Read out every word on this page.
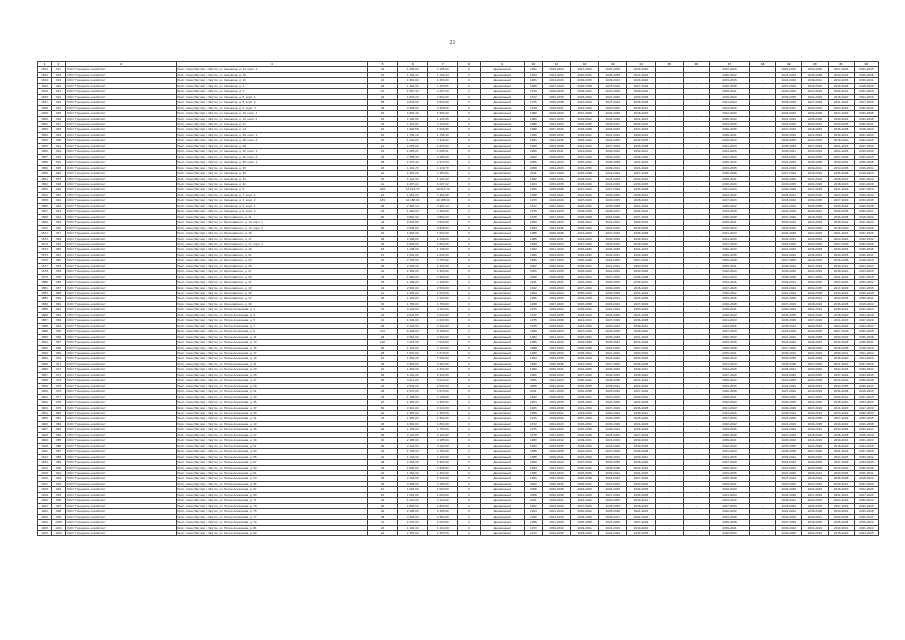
21
1	2	3	4	5	6	7	8	9	10	11	12	13	14	15	16	17	18	19	20	21	22
1541	917	ООО "Городское хозяйство"	Респ. Саха (Якутия) г. Якутск, ул. Кальвица, д. 14, корп. 1	24	1 185,90	1 185,90	0	Деревянный	1962	2018-2020	2027-2029	2033-2035	2018-2020	-	-	2027-2029	-	2018-2020	2033-2035	2027-2029	2033-2035
1542	918	ООО "Городское хозяйство"	Респ. Саха (Якутия) г. Якутск, ул. Кальвица, д. 16	16	1 106,44	1 106,44	0	Деревянный	1964	2021-2023	2030-2032	2036-2038	2021-2023	-	-	2030-2032	-	2021-2023	2036-2038	2030-2032	2036-2038
1543	919	ООО "Городское хозяйство"	Респ. Саха (Якутия) г. Якутск, ул. Кальвица, д. 19	24	1 354,00	1 354,00	0	Деревянный	1966	2024-2026	2033-2035	2039-2041	2024-2026	-	-	2033-2035	-	2024-2026	2039-2041	2033-2035	2039-2041
1544	920	ООО "Городское хозяйство"	Респ. Саха (Якутия) г. Якутск, ул. Кальвица, д. 4	26	1 184,06	1 184,06	0	Деревянный	1968	2027-2029	2036-2038	2018-2020	2027-2029	-	-	2036-2038	-	2027-2029	2018-2020	2036-2038	2018-2020
1545	921	ООО "Городское хозяйство"	Респ. Саха (Якутия) г. Якутск, ул. Кальвица, д. 7	16	1 057,43	1 057,43	0	Деревянный	1970	2030-2032	2039-2041	2021-2023	2030-2032	-	-	2039-2041	-	2030-2032	2021-2023	2039-2041	2021-2023
1546	922	ООО "Городское хозяйство"	Респ. Саха (Якутия) г. Якутск, ул. Кальвица, д. 8, корп. 1	33	1 843,20	1 843,20	0	Деревянный	1972	2033-2035	2018-2020	2024-2026	2033-2035	-	-	2018-2020	-	2033-2035	2024-2026	2018-2020	2024-2026
1547	923	ООО "Городское хозяйство"	Респ. Саха (Якутия) г. Якутск, ул. Кальвица, д. 8, корп. 2	58	2 843,00	2 843,00	0	Деревянный	1975	2036-2038	2021-2023	2027-2029	2036-2038	-	-	2021-2023	-	2036-2038	2027-2029	2021-2023	2027-2029
1548	924	ООО "Городское хозяйство"	Респ. Саха (Якутия) г. Якутск, ул. Кальвица, д. 6, корп. 3	48	2 398,66	2 398,66	0	Деревянный	1978	2039-2041	2024-2026	2030-2032	2039-2041	-	-	2024-2026	-	2039-2041	2030-2032	2024-2026	2030-2032
1549	925	ООО "Городское хозяйство"	Респ. Саха (Якутия) г. Якутск, ул. Кальвица, д. 10, корп. 1	33	1 960,43	1 960,43	0	Деревянный	1980	2018-2020	2027-2029	2033-2035	2018-2020	-	-	2027-2029	-	2018-2020	2033-2035	2027-2029	2033-2035
1550	926	ООО "Городское хозяйство"	Респ. Саха (Якутия) г. Якутск, ул. Кальвица, д. 10, корп. 2	24	1 106,65	1 106,65	0	Деревянный	1983	2021-2023	2030-2032	2036-2038	2021-2023	-	-	2030-2032	-	2021-2023	2036-2038	2030-2032	2036-2038
1551	927	ООО "Городское хозяйство"	Респ. Саха (Якутия) г. Якутск, ул. Кальвица, д. 12	24	1 110,00	1 110,00	0	Деревянный	1985	2024-2026	2033-2035	2039-2041	2024-2026	-	-	2033-2035	-	2024-2026	2039-2041	2033-2035	2039-2041
1552	928	ООО "Городское хозяйство"	Респ. Саха (Якутия) г. Якутск, ул. Кальвица, д. 14	16	1 006,55	1 006,55	0	Деревянный	1988	2027-2029	2036-2038	2018-2020	2027-2029	-	-	2036-2038	-	2027-2029	2018-2020	2036-2038	2018-2020
1553	929	ООО "Городское хозяйство"	Респ. Саха (Якутия) г. Якутск, ул. Кальвица, д. 28, корп. 1	32	1 766,10	1 766,10	0	Деревянный	1990	2030-2032	2039-2041	2021-2023	2030-2032	-	-	2039-2041	-	2030-2032	2021-2023	2039-2041	2021-2023
1554	930	ООО "Городское хозяйство"	Респ. Саха (Якутия) г. Якутск, ул. Кальвица, д. 28, корп. 2	10	1 340,20	1 340,20	0	Деревянный	1993	2033-2035	2018-2020	2024-2026	2033-2035	-	-	2018-2020	-	2033-2035	2024-2026	2018-2020	2024-2026
1555	931	ООО "Городское хозяйство"	Респ. Саха (Якутия) г. Якутск, ул. Кальвица, д. 28	12	1 054,00	1 054,00	0	Деревянный	1996	2036-2038	2021-2023	2027-2029	2036-2038	-	-	2021-2023	-	2036-2038	2027-2029	2021-2023	2027-2029
1556	932	ООО "Городское хозяйство"	Респ. Саха (Якутия) г. Якутск, ул. Кальвица, д. 26, корп. 1	24	1 095,21	1 095,21	0	Деревянный	1999	2039-2041	2024-2026	2030-2032	2039-2041	-	-	2024-2026	-	2039-2041	2030-2032	2024-2026	2030-2032
1557	933	ООО "Городское хозяйство"	Респ. Саха (Якутия) г. Якутск, ул. Кальвица, д. 26, корп. 2	40	2 185,30	2 185,30	0	Деревянный	2002	2018-2020	2027-2029	2033-2035	2018-2020	-	-	2027-2029	-	2018-2020	2033-2035	2027-2029	2033-2035
1558	934	ООО "Городское хозяйство"	Респ. Саха (Якутия) г. Якутск, ул. Кальвица, д. 30, корп. 1	28	1 570,44	1 570,44	0	Деревянный	2005	2021-2023	2030-2032	2036-2038	2021-2023	-	-	2030-2032	-	2021-2023	2036-2038	2030-2032	2036-2038
1559	935	ООО "Городское хозяйство"	Респ. Саха (Якутия) г. Якутск, ул. Кальвица, д. 36	18	1 119,70	1 119,70	0	Деревянный	2008	2024-2026	2033-2035	2039-2041	2024-2026	-	-	2033-2035	-	2024-2026	2039-2041	2033-2035	2039-2041
1560	936	ООО "Городское хозяйство"	Респ. Саха (Якутия) г. Якутск, ул. Кальвица, д. 38	24	1 354,00	1 354,00	0	Деревянный	2011	2027-2029	2036-2038	2018-2020	2027-2029	-	-	2036-2038	-	2027-2029	2018-2020	2036-2038	2018-2020
1561	937	ООО "Городское хозяйство"	Респ. Саха (Якутия) г. Якутск, ул. Кальвица, д. 40	20	1 104,30	1 104,30	0	Деревянный	1962	2030-2032	2039-2041	2021-2023	2030-2032	-	-	2039-2041	-	2030-2032	2021-2023	2039-2041	2021-2023
1562	938	ООО "Городское хозяйство"	Респ. Саха (Якутия) г. Якутск, ул. Кальвица, д. 42	12	1 007,22	1 007,22	0	Деревянный	1964	2033-2035	2018-2020	2024-2026	2033-2035	-	-	2018-2020	-	2033-2035	2024-2026	2018-2020	2024-2026
1563	939	ООО "Городское хозяйство"	Респ. Саха (Якутия) г. Якутск, ул. Кальвица, д. 6	284	16 014,70	16 014,70	0	Деревянный	1966	2036-2038	2021-2023	2027-2029	2036-2038	-	-	2021-2023	-	2036-2038	2027-2029	2021-2023	2027-2029
1564	940	ООО "Городское хозяйство"	Респ. Саха (Якутия) г. Якутск, ул. Кальвица, д. 7, корп. 1	24	1 354,00	1 354,00	0	Деревянный	1968	2039-2041	2024-2026	2030-2032	2039-2041	-	-	2024-2026	-	2039-2041	2030-2032	2024-2026	2030-2032
1565	941	ООО "Городское хозяйство"	Респ. Саха (Якутия) г. Якутск, ул. Кальвица, д. 7, корп. 2	183	10 188,00	10 188,00	0	Деревянный	1970	2018-2020	2027-2029	2033-2035	2018-2020	-	-	2027-2029	-	2018-2020	2033-2035	2027-2029	2033-2035
1566	942	ООО "Городское хозяйство"	Респ. Саха (Якутия) г. Якутск, ул. Кальвица, д. 9, корп. 1	48	2 364,14	2 364,14	0	Деревянный	1972	2021-2023	2030-2032	2036-2038	2021-2023	-	-	2030-2032	-	2021-2023	2036-2038	2030-2032	2036-2038
1567	943	ООО "Городское хозяйство"	Респ. Саха (Якутия) г. Якутск, ул. Кальвица, д. 9, корп. 2	24	1 300,00	1 300,00	0	Деревянный	1975	2024-2026	2033-2035	2039-2041	2024-2026	-	-	2033-2035	-	2024-2026	2039-2041	2033-2035	2039-2041
1568	944	ООО "Городское хозяйство"	Респ. Саха (Якутия) г. Якутск, ул. Ярославского, д. 11	90	4 862,33	4 862,33	0	Деревянный	1978	2027-2029	2036-2038	2018-2020	2027-2029	-	-	2036-2038	-	2027-2029	2018-2020	2036-2038	2018-2020
1569	945	ООО "Городское хозяйство"	Респ. Саха (Якутия) г. Якутск, ул. Ярославского, д. 13, корп. 1	44	2 534,60	2 534,60	0	Деревянный	1980	2030-2032	2039-2041	2021-2023	2030-2032	-	-	2039-2041	-	2030-2032	2021-2023	2039-2041	2021-2023
1570	946	ООО "Городское хозяйство"	Респ. Саха (Якутия) г. Якутск, ул. Ярославского, д. 13, корп. 2	52	2 846,00	2 846,00	0	Деревянный	1983	2033-2035	2018-2020	2024-2026	2033-2035	-	-	2018-2020	-	2033-2035	2024-2026	2018-2020	2024-2026
1571	947	ООО "Городское хозяйство"	Респ. Саха (Якутия) г. Якутск, ул. Ярославского, д. 15	16	1 054,00	1 054,00	0	Деревянный	1985	2036-2038	2021-2023	2027-2029	2036-2038	-	-	2021-2023	-	2036-2038	2027-2029	2021-2023	2027-2029
1572	948	ООО "Городское хозяйство"	Респ. Саха (Якутия) г. Якутск, ул. Ярославского, д. 17	38	2 198,00	2 198,00	0	Деревянный	1988	2039-2041	2024-2026	2030-2032	2039-2041	-	-	2024-2026	-	2039-2041	2030-2032	2024-2026	2030-2032
1573	949	ООО "Городское хозяйство"	Респ. Саха (Якутия) г. Якутск, ул. Ярославского, д. 17, корп. 1	30	1 803,00	1 803,00	0	Деревянный	1990	2018-2020	2027-2029	2033-2035	2018-2020	-	-	2027-2029	-	2018-2020	2033-2035	2027-2029	2033-2035
1574	950	ООО "Городское хозяйство"	Респ. Саха (Якутия) г. Якутск, ул. Ярославского, д. 19	18	1 108,00	1 108,00	0	Деревянный	1993	2021-2023	2030-2032	2036-2038	2021-2023	-	-	2030-2032	-	2021-2023	2036-2038	2030-2032	2036-2038
1575	951	ООО "Городское хозяйство"	Респ. Саха (Якутия) г. Якутск, ул. Ярославского, д. 21	12	1 003,00	1 003,00	0	Деревянный	1996	2024-2026	2033-2035	2039-2041	2024-2026	-	-	2033-2035	-	2024-2026	2039-2041	2033-2035	2039-2041
1576	952	ООО "Городское хозяйство"	Респ. Саха (Якутия) г. Якутск, ул. Ярославского, д. 23	51	2 755,90	2 755,90	0	Деревянный	1999	2027-2029	2036-2038	2018-2020	2027-2029	-	-	2036-2038	-	2027-2029	2018-2020	2036-2038	2018-2020
1577	953	ООО "Городское хозяйство"	Респ. Саха (Якутия) г. Якутск, ул. Ярославского, д. 25	36	2 102,00	2 102,00	0	Деревянный	2002	2030-2032	2039-2041	2021-2023	2030-2032	-	-	2039-2041	-	2030-2032	2021-2023	2039-2041	2021-2023
1578	954	ООО "Городское хозяйство"	Респ. Саха (Якутия) г. Якутск, ул. Ярославского, д. 27	24	1 354,00	1 354,00	0	Деревянный	2005	2033-2035	2018-2020	2024-2026	2033-2035	-	-	2018-2020	-	2033-2035	2024-2026	2018-2020	2024-2026
1579	955	ООО "Городское хозяйство"	Респ. Саха (Якутия) г. Якутск, ул. Ярославского, д. 29	33	1 960,00	1 960,00	0	Деревянный	2008	2036-2038	2021-2023	2027-2029	2036-2038	-	-	2021-2023	-	2036-2038	2027-2029	2021-2023	2027-2029
1580	956	ООО "Городское хозяйство"	Респ. Саха (Якутия) г. Якутск, ул. Ярославского, д. 31	18	1 108,00	1 108,00	0	Деревянный	2011	2039-2041	2024-2026	2030-2032	2039-2041	-	-	2024-2026	-	2039-2041	2030-2032	2024-2026	2030-2032
1581	957	ООО "Городское хозяйство"	Респ. Саха (Якутия) г. Якутск, ул. Ярославского, д. 33	44	2 534,00	2 534,00	0	Деревянный	1962	2018-2020	2027-2029	2033-2035	2018-2020	-	-	2027-2029	-	2018-2020	2033-2035	2027-2029	2033-2035
1582	958	ООО "Городское хозяйство"	Респ. Саха (Якутия) г. Якутск, ул. Ярославского, д. 35	12	1 003,00	1 003,00	0	Деревянный	1964	2021-2023	2030-2032	2036-2038	2021-2023	-	-	2030-2032	-	2021-2023	2036-2038	2030-2032	2036-2038
1583	959	ООО "Городское хозяйство"	Респ. Саха (Якутия) г. Якутск, ул. Ярославского, д. 37	20	1 104,00	1 104,00	0	Деревянный	1966	2024-2026	2033-2035	2039-2041	2024-2026	-	-	2033-2035	-	2024-2026	2039-2041	2033-2035	2039-2041
1584	960	ООО "Городское хозяйство"	Респ. Саха (Якутия) г. Якутск, ул. Ярославского, д. 39	32	1 766,00	1 766,00	0	Деревянный	1968	2027-2029	2036-2038	2018-2020	2027-2029	-	-	2036-2038	-	2027-2029	2018-2020	2036-2038	2018-2020
1585	961	ООО "Городское хозяйство"	Респ. Саха (Якутия) г. Якутск, ул. Петра Алексеева, д. 1	76	4 102,00	4 102,00	0	Деревянный	1970	2030-2032	2039-2041	2021-2023	2030-2032	-	-	2039-2041	-	2030-2032	2021-2023	2039-2041	2021-2023
1586	962	ООО "Городское хозяйство"	Респ. Саха (Якутия) г. Якутск, ул. Петра Алексеева, д. 3	44	2 534,00	2 534,00	0	Деревянный	1972	2033-2035	2018-2020	2024-2026	2033-2035	-	-	2018-2020	-	2033-2035	2024-2026	2018-2020	2024-2026
1587	963	ООО "Городское хозяйство"	Респ. Саха (Якутия) г. Якутск, ул. Петра Алексеева, д. 5	12	1 003,00	1 003,00	0	Деревянный	1975	2036-2038	2021-2023	2027-2029	2036-2038	-	-	2021-2023	-	2036-2038	2027-2029	2021-2023	2027-2029
1588	964	ООО "Городское хозяйство"	Респ. Саха (Якутия) г. Якутск, ул. Петра Алексеева, д. 7	36	2 102,00	2 102,00	0	Деревянный	1978	2039-2041	2024-2026	2030-2032	2039-2041	-	-	2024-2026	-	2039-2041	2030-2032	2024-2026	2030-2032
1589	965	ООО "Городское хозяйство"	Респ. Саха (Якутия) г. Якутск, ул. Петра Алексеева, д. 9	114	6 408,00	6 408,00	0	Деревянный	1980	2018-2020	2027-2029	2033-2035	2018-2020	-	-	2027-2029	-	2018-2020	2033-2035	2027-2029	2033-2035
1590	966	ООО "Городское хозяйство"	Респ. Саха (Якутия) г. Якутск, ул. Петра Алексеева, д. 11	48	2 364,00	2 364,00	0	Деревянный	1983	2021-2023	2030-2032	2036-2038	2021-2023	-	-	2030-2032	-	2021-2023	2036-2038	2030-2032	2036-2038
1591	967	ООО "Городское хозяйство"	Респ. Саха (Якутия) г. Якутск, ул. Петра Алексеева, д. 13	130	7 015,00	7 015,00	0	Деревянный	1985	2024-2026	2033-2035	2039-2041	2024-2026	-	-	2033-2035	-	2024-2026	2039-2041	2033-2035	2039-2041
1592	968	ООО "Городское хозяйство"	Респ. Саха (Якутия) г. Якутск, ул. Петра Алексеева, д. 15	20	1 104,00	1 104,00	0	Деревянный	1988	2027-2029	2036-2038	2018-2020	2027-2029	-	-	2036-2038	-	2027-2029	2018-2020	2036-2038	2018-2020
1593	969	ООО "Городское хозяйство"	Респ. Саха (Якутия) г. Якутск, ул. Петра Алексеева, д. 17	28	1 570,00	1 570,00	0	Деревянный	1990	2030-2032	2039-2041	2021-2023	2030-2032	-	-	2039-2041	-	2030-2032	2021-2023	2039-2041	2021-2023
1594	970	ООО "Городское хозяйство"	Респ. Саха (Якутия) г. Якутск, ул. Петра Алексеева, д. 19	16	1 054,00	1 054,00	0	Деревянный	1993	2033-2035	2018-2020	2024-2026	2033-2035	-	-	2018-2020	-	2033-2035	2024-2026	2018-2020	2024-2026
1595	971	ООО "Городское хозяйство"	Респ. Саха (Якутия) г. Якутск, ул. Петра Алексеева, д. 21	48	2 364,00	2 364,00	0	Деревянный	1996	2036-2038	2021-2023	2027-2029	2036-2038	-	-	2021-2023	-	2036-2038	2027-2029	2021-2023	2027-2029
1596	972	ООО "Городское хозяйство"	Респ. Саха (Якутия) г. Якутск, ул. Петра Алексеева, д. 23	24	1 354,00	1 354,00	0	Деревянный	1999	2039-2041	2024-2026	2030-2032	2039-2041	-	-	2024-2026	-	2039-2041	2030-2032	2024-2026	2030-2032
1597	973	ООО "Городское хозяйство"	Респ. Саха (Якутия) г. Якутск, ул. Петра Алексеева, д. 25	92	5 102,00	5 102,00	0	Деревянный	2002	2018-2020	2027-2029	2033-2035	2018-2020	-	-	2027-2029	-	2018-2020	2033-2035	2027-2029	2033-2035
1598	974	ООО "Городское хозяйство"	Респ. Саха (Якутия) г. Якутск, ул. Петра Алексеева, д. 27	56	3 012,00	3 012,00	0	Деревянный	2005	2021-2023	2030-2032	2036-2038	2021-2023	-	-	2030-2032	-	2021-2023	2036-2038	2030-2032	2036-2038
1599	975	ООО "Городское хозяйство"	Респ. Саха (Якутия) г. Якутск, ул. Петра Алексеева, д. 29	44	2 534,00	2 534,00	0	Деревянный	2008	2024-2026	2033-2035	2039-2041	2024-2026	-	-	2033-2035	-	2024-2026	2039-2041	2033-2035	2039-2041
1600	976	ООО "Городское хозяйство"	Респ. Саха (Якутия) г. Якутск, ул. Петра Алексеева, д. 31	28	1 570,00	1 570,00	0	Деревянный	2011	2027-2029	2036-2038	2018-2020	2027-2029	-	-	2036-2038	-	2027-2029	2018-2020	2036-2038	2018-2020
1601	977	ООО "Городское хозяйство"	Респ. Саха (Якутия) г. Якутск, ул. Петра Алексеева, д. 33	18	1 108,00	1 108,00	0	Деревянный	1962	2030-2032	2039-2041	2021-2023	2030-2032	-	-	2039-2041	-	2030-2032	2021-2023	2039-2041	2021-2023
1602	978	ООО "Городское хозяйство"	Респ. Саха (Якутия) г. Якутск, ул. Петра Алексеева, д. 35	24	1 354,00	1 354,00	0	Деревянный	1964	2033-2035	2018-2020	2024-2026	2033-2035	-	-	2018-2020	-	2033-2035	2024-2026	2018-2020	2024-2026
1603	979	ООО "Городское хозяйство"	Респ. Саха (Якутия) г. Якутск, ул. Петра Алексеева, д. 37	60	3 410,00	3 410,00	0	Деревянный	1966	2036-2038	2021-2023	2027-2029	2036-2038	-	-	2021-2023	-	2036-2038	2027-2029	2021-2023	2027-2029
1604	980	ООО "Городское хозяйство"	Респ. Саха (Якутия) г. Якутск, ул. Петра Алексеева, д. 39	24	1 354,00	1 354,00	0	Деревянный	1968	2039-2041	2024-2026	2030-2032	2039-2041	-	-	2024-2026	-	2039-2041	2030-2032	2024-2026	2030-2032
1605	981	ООО "Городское хозяйство"	Респ. Саха (Якутия) г. Якутск, ул. Петра Алексеева, д. 41	24	1 354,00	1 354,00	0	Деревянный	1970	2018-2020	2027-2029	2033-2035	2018-2020	-	-	2027-2029	-	2018-2020	2033-2035	2027-2029	2033-2035
1606	982	ООО "Городское хозяйство"	Респ. Саха (Якутия) г. Якутск, ул. Петра Алексеева, д. 43	30	1 803,00	1 803,00	0	Деревянный	1972	2021-2023	2030-2032	2036-2038	2021-2023	-	-	2030-2032	-	2021-2023	2036-2038	2030-2032	2036-2038
1607	983	ООО "Городское хозяйство"	Респ. Саха (Якутия) г. Якутск, ул. Петра Алексеева, д. 45	32	1 766,00	1 766,00	0	Деревянный	1975	2024-2026	2033-2035	2039-2041	2024-2026	-	-	2033-2035	-	2024-2026	2039-2041	2033-2035	2039-2041
1608	984	ООО "Городское хозяйство"	Респ. Саха (Якутия) г. Якутск, ул. Петра Алексеева, д. 47	36	2 102,00	2 102,00	0	Деревянный	1978	2027-2029	2036-2038	2018-2020	2027-2029	-	-	2036-2038	-	2027-2029	2018-2020	2036-2038	2018-2020
1609	985	ООО "Городское хозяйство"	Респ. Саха (Якутия) г. Якутск, ул. Петра Алексеева, д. 49	40	2 185,00	2 185,00	0	Деревянный	1980	2030-2032	2039-2041	2021-2023	2030-2032	-	-	2039-2041	-	2030-2032	2021-2023	2039-2041	2021-2023
1610	986	ООО "Городское хозяйство"	Респ. Саха (Якутия) г. Якутск, ул. Петра Алексеева, д. 51	36	2 102,00	2 102,00	0	Деревянный	1983	2033-2035	2018-2020	2024-2026	2033-2035	-	-	2018-2020	-	2033-2035	2024-2026	2018-2020	2024-2026
1611	987	ООО "Городское хозяйство"	Респ. Саха (Якутия) г. Якутск, ул. Петра Алексеева, д. 53	32	1 766,00	1 766,00	0	Деревянный	1985	2036-2038	2021-2023	2027-2029	2036-2038	-	-	2021-2023	-	2036-2038	2027-2029	2021-2023	2027-2029
1612	988	ООО "Городское хозяйство"	Респ. Саха (Якутия) г. Якутск, ул. Петра Алексеева, д. 55	20	1 104,00	1 104,00	0	Деревянный	1988	2039-2041	2024-2026	2030-2032	2039-2041	-	-	2024-2026	-	2039-2041	2030-2032	2024-2026	2030-2032
1613	989	ООО "Городское хозяйство"	Респ. Саха (Якутия) г. Якутск, ул. Петра Алексеева, д. 57	48	2 364,00	2 364,00	0	Деревянный	1990	2018-2020	2027-2029	2033-2035	2018-2020	-	-	2027-2029	-	2018-2020	2033-2035	2027-2029	2033-2035
1614	990	ООО "Городское хозяйство"	Респ. Саха (Якутия) г. Якутск, ул. Петра Алексеева, д. 59	34	1 906,00	1 906,00	0	Деревянный	1993	2021-2023	2030-2032	2036-2038	2021-2023	-	-	2030-2032	-	2021-2023	2036-2038	2030-2032	2036-2038
1615	991	ООО "Городское хозяйство"	Респ. Саха (Якутия) г. Якутск, ул. Петра Алексеева, д. 61	24	1 354,00	1 354,00	0	Деревянный	1996	2024-2026	2033-2035	2039-2041	2024-2026	-	-	2033-2035	-	2024-2026	2039-2041	2033-2035	2039-2041
1616	992	ООО "Городское хозяйство"	Респ. Саха (Якутия) г. Якутск, ул. Петра Алексеева, д. 63	36	2 102,00	2 102,00	0	Деревянный	1999	2027-2029	2036-2038	2018-2020	2027-2029	-	-	2036-2038	-	2027-2029	2018-2020	2036-2038	2018-2020
1617	993	ООО "Городское хозяйство"	Респ. Саха (Якутия) г. Якутск, ул. Петра Алексеева, д. 65	40	2 185,00	2 185,00	0	Деревянный	2002	2030-2032	2039-2041	2021-2023	2030-2032	-	-	2039-2041	-	2030-2032	2021-2023	2039-2041	2021-2023
1618	994	ООО "Городское хозяйство"	Респ. Саха (Якутия) г. Якутск, ул. Петра Алексеева, д. 67	12	1 003,00	1 003,00	0	Деревянный	2005	2033-2035	2018-2020	2024-2026	2033-2035	-	-	2018-2020	-	2033-2035	2024-2026	2018-2020	2024-2026
1619	995	ООО "Городское хозяйство"	Респ. Саха (Якутия) г. Якутск, ул. Петра Алексеева, д. 69	16	1 054,00	1 054,00	0	Деревянный	2008	2036-2038	2021-2023	2027-2029	2036-2038	-	-	2021-2023	-	2036-2038	2027-2029	2021-2023	2027-2029
1620	996	ООО "Городское хозяйство"	Респ. Саха (Якутия) г. Якутск, ул. Петра Алексеева, д. 71	22	1 210,00	1 210,00	0	Деревянный	2011	2039-2041	2024-2026	2030-2032	2039-2041	-	-	2024-2026	-	2039-2041	2030-2032	2024-2026	2030-2032
1621	997	ООО "Городское хозяйство"	Респ. Саха (Якутия) г. Якутск, ул. Петра Алексеева, д. 73	30	1 803,00	1 803,00	0	Деревянный	1962	2018-2020	2027-2029	2033-2035	2018-2020	-	-	2027-2029	-	2018-2020	2033-2035	2027-2029	2033-2035
1622	998	ООО "Городское хозяйство"	Респ. Саха (Якутия) г. Якутск, ул. Петра Алексеева, д. 75	40	2 185,00	2 185,00	0	Деревянный	1964	2021-2023	2030-2032	2036-2038	2021-2023	-	-	2030-2032	-	2021-2023	2036-2038	2030-2032	2036-2038
1623	999	ООО "Городское хозяйство"	Респ. Саха (Якутия) г. Якутск, ул. Петра Алексеева, д. 77	48	2 364,00	2 364,00	0	Деревянный	1966	2024-2026	2033-2035	2039-2041	2024-2026	-	-	2033-2035	-	2024-2026	2039-2041	2033-2035	2039-2041
1624	1000	ООО "Городское хозяйство"	Респ. Саха (Якутия) г. Якутск, ул. Петра Алексеева, д. 79	12	1 003,00	1 003,00	0	Деревянный	1968	2027-2029	2036-2038	2018-2020	2027-2029	-	-	2036-2038	-	2027-2029	2018-2020	2036-2038	2018-2020
1625	1001	ООО "Городское хозяйство"	Респ. Саха (Якутия) г. Якутск, ул. Петра Алексеева, д. 81	20	1 104,00	1 104,00	0	Деревянный	1970	2030-2032	2039-2041	2021-2023	2030-2032	-	-	2039-2041	-	2030-2032	2021-2023	2039-2041	2021-2023
1626	1002	ООО "Городское хозяйство"	Респ. Саха (Якутия) г. Якутск, ул. Петра Алексеева, д. 83	24	1 354,00	1 354,00	0	Деревянный	1972	2033-2035	2018-2020	2024-2026	2033-2035	-	-	2018-2020	-	2033-2035	2024-2026	2018-2020	2024-2026
